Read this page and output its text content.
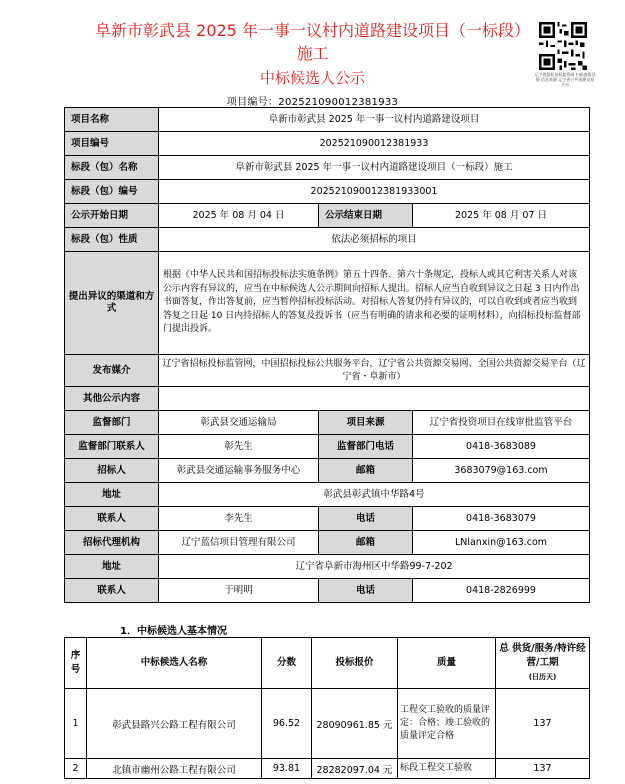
阜新市彰武县 2025 年一事一议村内道路建设项目（一标段）
施工
中标候选人公示
项目编号：202521090012381933
辽宁省招标投标监管网 扫码查看详情 信息来源 辽宁省公共资源交易平台
项目名称	阜新市彰武县 2025 年一事一议村内道路建设项目		
项目编号	202521090012381933		
标段（包）名称	阜新市彰武县 2025 年一事一议村内道路建设项目（一标段）施工		
标段（包）编号	202521090012381933001		
公示开始日期	2025 年 08 月 04 日	公示结束日期	2025 年 08 月 07 日
标段（包）性质	依法必须招标的项目		
提出异议的渠道和方式	根据《中华人民共和国招标投标法实施条例》第五十四条、第六十条规定，投标人或其它利害关系人对该公示内容有异议的，应当在中标候选人公示期间向招标人提出。招标人应当自收到异议之日起 3 日内作出书面答复，作出答复前，应当暂停招标投标活动。对招标人答复仍持有异议的，可以自收到或者应当收到答复之日起 10 日内持招标人的答复及投诉书（应当有明确的请求和必要的证明材料），向招标投标监督部门提出投诉。		
发布媒介	辽宁省招标投标监管网，中国招标投标公共服务平台，辽宁省公共资源交易网、全国公共资源交易平台（辽宁省・阜新市）		
其他公示内容			
监督部门	彰武县交通运输局	项目来源	辽宁省投资项目在线审批监管平台
监督部门联系人	彰先生	监督部门电话	0418-3683089
招标人	彰武县交通运输事务服务中心	邮箱	3683079@163.com
地址	彰武县彰武镇中华路4号		
联系人	李先生	电话	0418-3683079
招标代理机构	辽宁蓝信项目管理有限公司	邮箱	LNlanxin@163.com
地址	辽宁省阜新市海州区中华路99-7-202		
联系人	于明明	电话	0418-2826999
1．中标候选人基本情况
序号	中标候选人名称	分数	投标报价	质量	总 供货/服务/特许经营/工期
(日历天)

1	彰武县路兴公路工程有限公司	96.52	28090961.85 元	工程交工验收的质量评定：合格；竣工验收的质量评定合格	137
2	北镇市幽州公路工程有限公司	93.81	28282097.04 元	标段工程交工验收	137
